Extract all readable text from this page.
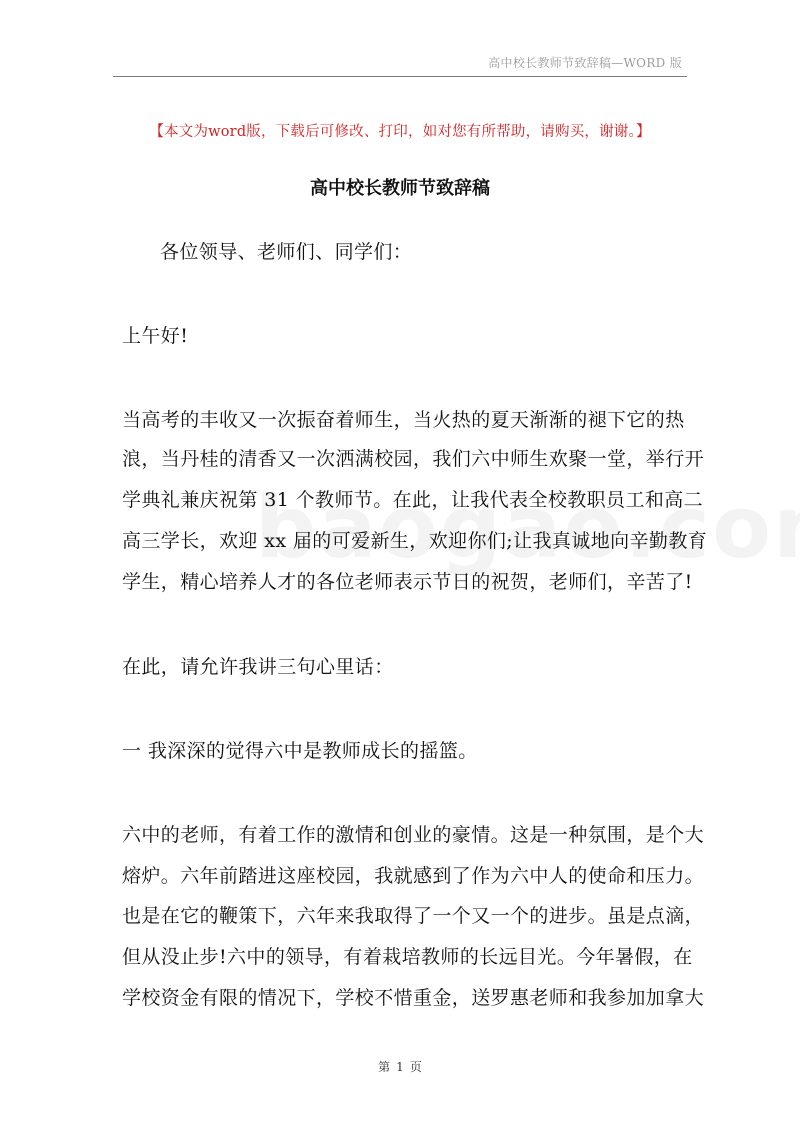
高中校长教师节致辞稿—WORD 版
【本文为word版，下载后可修改、打印，如对您有所帮助，请购买，谢谢。】
高中校长教师节致辞稿
各位领导、老师们、同学们：
上午好!
当高考的丰收又一次振奋着师生，当火热的夏天渐渐的褪下它的热
浪，当丹桂的清香又一次洒满校园，我们六中师生欢聚一堂，举行开
学典礼兼庆祝第 31 个教师节。在此，让我代表全校教职员工和高二
高三学长，欢迎 xx 届的可爱新生，欢迎你们;让我真诚地向辛勤教育
学生，精心培养人才的各位老师表示节日的祝贺，老师们，辛苦了!
在此，请允许我讲三句心里话：
一 我深深的觉得六中是教师成长的摇篮。
六中的老师，有着工作的激情和创业的豪情。这是一种氛围，是个大
熔炉。六年前踏进这座校园，我就感到了作为六中人的使命和压力。
也是在它的鞭策下，六年来我取得了一个又一个的进步。虽是点滴，
但从没止步!六中的领导，有着栽培教师的长远目光。今年暑假，在
学校资金有限的情况下，学校不惜重金，送罗惠老师和我参加加拿大
第 1 页
